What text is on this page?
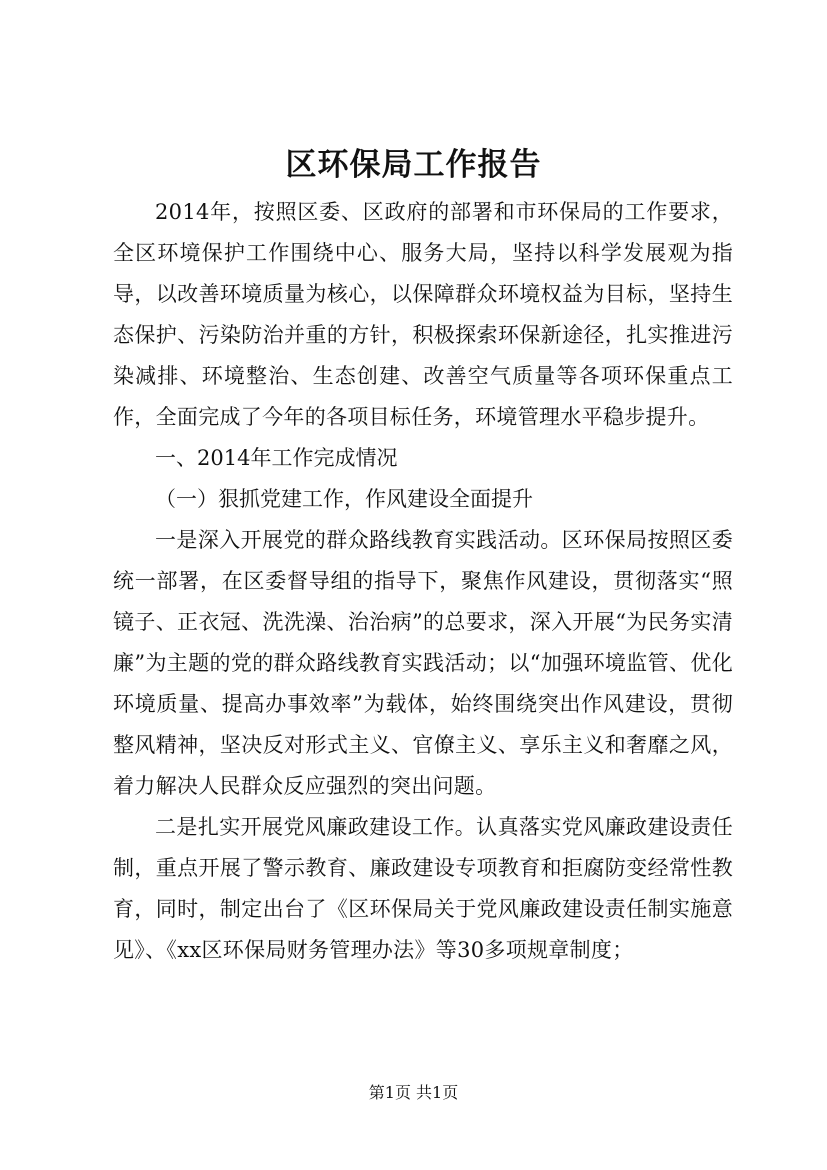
区环保局工作报告

2014年，按照区委、区政府的部署和市环保局的工作要求，全区环境保护工作围绕中心、服务大局，坚持以科学发展观为指导，以改善环境质量为核心，以保障群众环境权益为目标，坚持生态保护、污染防治并重的方针，积极探索环保新途径，扎实推进污染减排、环境整治、生态创建、改善空气质量等各项环保重点工作，全面完成了今年的各项目标任务，环境管理水平稳步提升。

一、2014年工作完成情况

（一）狠抓党建工作，作风建设全面提升

一是深入开展党的群众路线教育实践活动。区环保局按照区委统一部署，在区委督导组的指导下，聚焦作风建设，贯彻落实“照镜子、正衣冠、洗洗澡、治治病”的总要求，深入开展“为民务实清廉”为主题的党的群众路线教育实践活动；以“加强环境监管、优化环境质量、提高办事效率”为载体，始终围绕突出作风建设，贯彻整风精神，坚决反对形式主义、官僚主义、享乐主义和奢靡之风，着力解决人民群众反应强烈的突出问题。

二是扎实开展党风廉政建设工作。认真落实党风廉政建设责任制，重点开展了警示教育、廉政建设专项教育和拒腐防变经常性教育，同时，制定出台了《区环保局关于党风廉政建设责任制实施意见》、《xx区环保局财务管理办法》等30多项规章制度；

第1页 共1页
